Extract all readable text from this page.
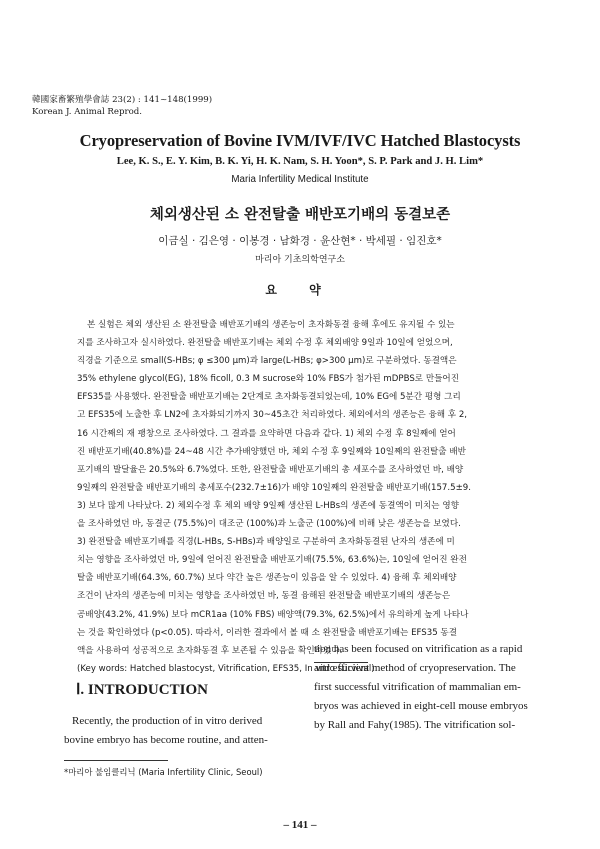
韓國家畜繁殖學會誌 23(2) : 141~148(1999)
Korean J. Animal Reprod.
Cryopreservation of Bovine IVM/IVF/IVC Hatched Blastocysts
Lee, K. S., E. Y. Kim, B. K. Yi, H. K. Nam, S. H. Yoon*, S. P. Park and J. H. Lim*
Maria Infertility Medical Institute
체외생산된 소 완전탈출 배반포기배의 동결보존
이금실 · 김은영 · 이봉경 · 남화경 · 윤산현* · 박세필 · 임진호*
마리아 기초의학연구소
요 약
본 실험은 체외 생산된 소 완전탈출 배반포기배의 생존능이 초자화동결 융해 후에도 유지될 수 있는
지를 조사하고자 실시하였다. 완전탈출 배반포기배는 체외 수정 후 체외배양 9일과 10일에 얻었으며,
직경을 기준으로 small(S-HBs; φ ≤300 μm)과 large(L-HBs; φ>300 μm)로 구분하였다. 동결액은
35% ethylene glycol(EG), 18% ficoll, 0.3 M sucrose와 10% FBS가 첨가된 mDPBS로 만들어진
EFS35를 사용했다. 완전탈출 배반포기배는 2단계로 초자화동결되었는데, 10% EG에 5분간 평형 그리
고 EFS35에 노출한 후 LN2에 초자화되기까지 30~45초간 처리하였다. 체외에서의 생존능은 융해 후 2,
16 시간째의 재 팽창으로 조사하였다. 그 결과를 요약하면 다음과 같다. 1) 체외 수정 후 8일째에 얻어
진 배반포기배(40.8%)를 24~48 시간 추가배양했던 바, 체외 수정 후 9일째와 10일째의 완전탈출 배반
포기배의 발달율은 20.5%와 6.7%였다. 또한, 완전탈출 배반포기배의 총 세포수를 조사하였던 바, 배양
9일째의 완전탈출 배반포기배의 총세포수(232.7±16)가 배양 10일째의 완전탈출 배반포기배(157.5±9.
3) 보다 많게 나타났다. 2) 체외수정 후 체외 배양 9일째 생산된 L-HBs의 생존에 동결액이 미치는 영향
을 조사하였던 바, 동결군 (75.5%)이 대조군 (100%)과 노출군 (100%)에 비해 낮은 생존능을 보였다.
3) 완전탈출 배반포기배를 직경(L-HBs, S-HBs)과 배양일로 구분하여 초자화동결된 난자의 생존에 미
치는 영향을 조사하였던 바, 9일에 얻어진 완전탈출 배반포기배(75.5%, 63.6%)는, 10일에 얻어진 완전
탈출 배반포기배(64.3%, 60.7%) 보다 약간 높은 생존능이 있음을 알 수 있었다. 4) 융해 후 체외배양
조건이 난자의 생존능에 미치는 영향을 조사하였던 바, 동결 융해된 완전탈출 배반포기배의 생존능은
공배양(43.2%, 41.9%) 보다 mCR1aa (10% FBS) 배양액(79.3%, 62.5%)에서 유의하게 높게 나타나
는 것을 확인하였다 (p<0.05). 따라서, 이러한 결과에서 볼 때 소 완전탈출 배반포기배는 EFS35 동결
액을 사용하여 성공적으로 초자화동결 후 보존될 수 있음을 확인하였다.
(Key words: Hatched blastocyst, Vitrification, EFS35, In vitro survival)
Ⅰ. INTRODUCTION
Recently, the production of in vitro derived
bovine embryo has become routine, and atten-
tion has been focused on vitrification as a rapid
and efficient method of cryopreservation. The
first successful vitrification of mammalian em-
bryos was achieved in eight-cell mouse embryos
by Rall and Fahy(1985). The vitrification sol-
*마리아 불임클리닉 (Maria Infertility Clinic, Seoul)
– 141 –
